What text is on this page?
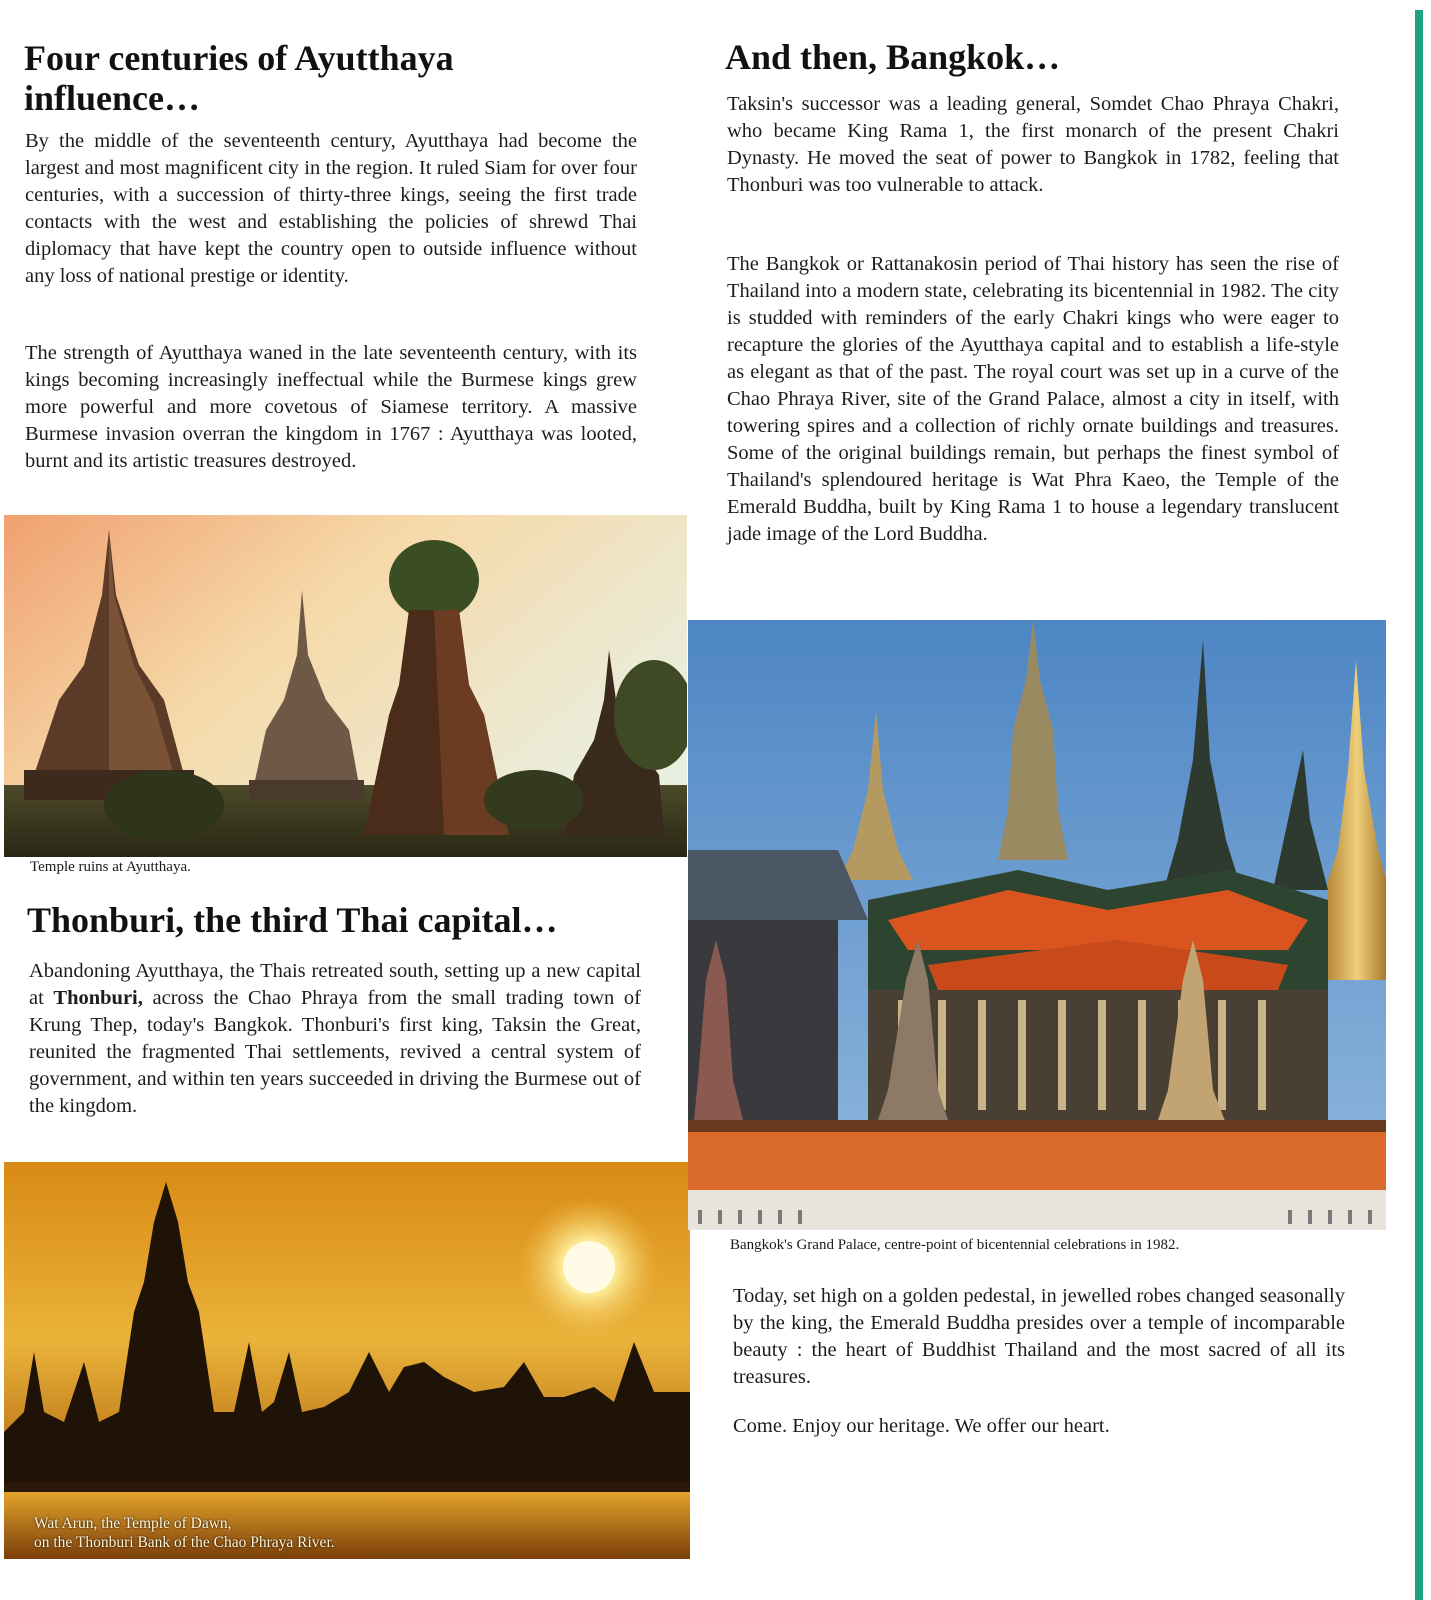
Four centuries of Ayutthaya
influence…

By the middle of the seventeenth century, Ayutthaya had become the largest and most magnificent city in the region. It ruled Siam for over four centuries, with a succession of thirty-three kings, seeing the first trade contacts with the west and establishing the policies of shrewd Thai diplomacy that have kept the country open to outside influence without any loss of national prestige or identity.

The strength of Ayutthaya waned in the late seventeenth century, with its kings becoming increasingly ineffectual while the Burmese kings grew more powerful and more covetous of Siamese territory. A massive Burmese invasion overran the kingdom in 1767 : Ayutthaya was looted, burnt and its artistic treasures destroyed.

Temple ruins at Ayutthaya.

Thonburi, the third Thai capital…

Abandoning Ayutthaya, the Thais retreated south, setting up a new capital at Thonburi, across the Chao Phraya from the small trading town of Krung Thep, today's Bangkok. Thonburi's first king, Taksin the Great, reunited the fragmented Thai settlements, revived a central system of government, and within ten years succeeded in driving the Burmese out of the kingdom.

Wat Arun, the Temple of Dawn,
on the Thonburi Bank of the Chao Phraya River.

And then, Bangkok…

Taksin's successor was a leading general, Somdet Chao Phraya Chakri, who became King Rama 1, the first monarch of the present Chakri Dynasty. He moved the seat of power to Bangkok in 1782, feeling that Thonburi was too vulnerable to attack.

The Bangkok or Rattanakosin period of Thai history has seen the rise of Thailand into a modern state, celebrating its bicentennial in 1982. The city is studded with reminders of the early Chakri kings who were eager to recapture the glories of the Ayutthaya capital and to establish a life-style as elegant as that of the past. The royal court was set up in a curve of the Chao Phraya River, site of the Grand Palace, almost a city in itself, with towering spires and a collection of richly ornate buildings and treasures. Some of the original buildings remain, but perhaps the finest symbol of Thailand's splendoured heritage is Wat Phra Kaeo, the Temple of the Emerald Buddha, built by King Rama 1 to house a legendary translucent jade image of the Lord Buddha.

Bangkok's Grand Palace, centre-point of bicentennial celebrations in 1982.

Today, set high on a golden pedestal, in jewelled robes changed seasonally by the king, the Emerald Buddha presides over a temple of incomparable beauty : the heart of Buddhist Thailand and the most sacred of all its treasures.

Come. Enjoy our heritage. We offer our heart.
